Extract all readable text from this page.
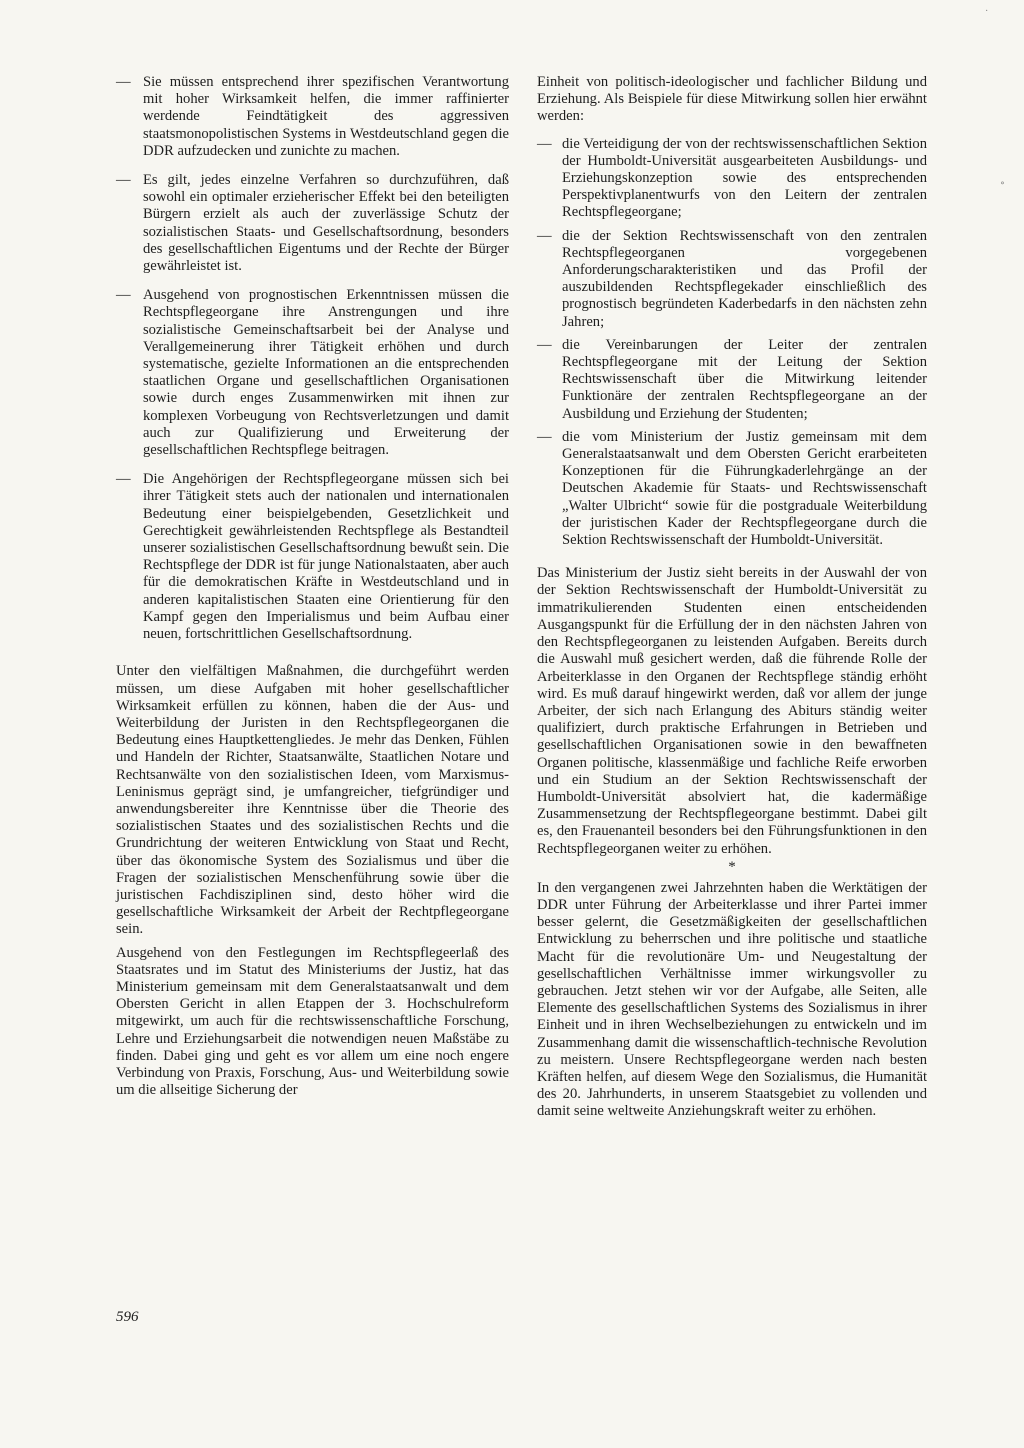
— Sie müssen entsprechend ihrer spezifischen Verantwortung mit hoher Wirksamkeit helfen, die immer raffinierter werdende Feindtätigkeit des aggressiven staatsmonopolistischen Systems in Westdeutschland gegen die DDR aufzudecken und zunichte zu machen.
— Es gilt, jedes einzelne Verfahren so durchzuführen, daß sowohl ein optimaler erzieherischer Effekt bei den beteiligten Bürgern erzielt als auch der zuverlässige Schutz der sozialistischen Staats- und Gesellschaftsordnung, besonders des gesellschaftlichen Eigentums und der Rechte der Bürger gewährleistet ist.
— Ausgehend von prognostischen Erkenntnissen müssen die Rechtspflegeorgane ihre Anstrengungen und ihre sozialistische Gemeinschaftsarbeit bei der Analyse und Verallgemeinerung ihrer Tätigkeit erhöhen und durch systematische, gezielte Informationen an die entsprechenden staatlichen Organe und gesellschaftlichen Organisationen sowie durch enges Zusammenwirken mit ihnen zur komplexen Vorbeugung von Rechtsverletzungen und damit auch zur Qualifizierung und Erweiterung der gesellschaftlichen Rechtspflege beitragen.
— Die Angehörigen der Rechtspflegeorgane müssen sich bei ihrer Tätigkeit stets auch der nationalen und internationalen Bedeutung einer beispielgebenden, Gesetzlichkeit und Gerechtigkeit gewährleistenden Rechtspflege als Bestandteil unserer sozialistischen Gesellschaftsordnung bewußt sein. Die Rechtspflege der DDR ist für junge Nationalstaaten, aber auch für die demokratischen Kräfte in Westdeutschland und in anderen kapitalistischen Staaten eine Orientierung für den Kampf gegen den Imperialismus und beim Aufbau einer neuen, fortschrittlichen Gesellschaftsordnung.

Unter den vielfältigen Maßnahmen, die durchgeführt werden müssen, um diese Aufgaben mit hoher gesellschaftlicher Wirksamkeit erfüllen zu können, haben die der Aus- und Weiterbildung der Juristen in den Rechtspflegeorganen die Bedeutung eines Hauptkettengliedes. Je mehr das Denken, Fühlen und Handeln der Richter, Staatsanwälte, Staatlichen Notare und Rechtsanwälte von den sozialistischen Ideen, vom Marxismus-Leninismus geprägt sind, je umfangreicher, tiefgründiger und anwendungsbereiter ihre Kenntnisse über die Theorie des sozialistischen Staates und des sozialistischen Rechts und die Grundrichtung der weiteren Entwicklung von Staat und Recht, über das ökonomische System des Sozialismus und über die Fragen der sozialistischen Menschenführung sowie über die juristischen Fachdisziplinen sind, desto höher wird die gesellschaftliche Wirksamkeit der Arbeit der Rechtpflegeorgane sein.

Ausgehend von den Festlegungen im Rechtspflegeerlaß des Staatsrates und im Statut des Ministeriums der Justiz, hat das Ministerium gemeinsam mit dem Generalstaatsanwalt und dem Obersten Gericht in allen Etappen der 3. Hochschulreform mitgewirkt, um auch für die rechtswissenschaftliche Forschung, Lehre und Erziehungsarbeit die notwendigen neuen Maßstäbe zu finden. Dabei ging und geht es vor allem um eine noch engere Verbindung von Praxis, Forschung, Aus- und Weiterbildung sowie um die allseitige Sicherung der

Einheit von politisch-ideologischer und fachlicher Bildung und Erziehung. Als Beispiele für diese Mitwirkung sollen hier erwähnt werden:

— die Verteidigung der von der rechtswissenschaftlichen Sektion der Humboldt-Universität ausgearbeiteten Ausbildungs- und Erziehungskonzeption sowie des entsprechenden Perspektivplanentwurfs von den Leitern der zentralen Rechtspflegeorgane;
— die der Sektion Rechtswissenschaft von den zentralen Rechtspflegeorganen vorgegebenen Anforderungscharakteristiken und das Profil der auszubildenden Rechtspflegekader einschließlich des prognostisch begründeten Kaderbedarfs in den nächsten zehn Jahren;
— die Vereinbarungen der Leiter der zentralen Rechtspflegeorgane mit der Leitung der Sektion Rechtswissenschaft über die Mitwirkung leitender Funktionäre der zentralen Rechtspflegeorgane an der Ausbildung und Erziehung der Studenten;
— die vom Ministerium der Justiz gemeinsam mit dem Generalstaatsanwalt und dem Obersten Gericht erarbeiteten Konzeptionen für die Führungkaderlehrgänge an der Deutschen Akademie für Staats- und Rechtswissenschaft „Walter Ulbricht“ sowie für die postgraduale Weiterbildung der juristischen Kader der Rechtspflegeorgane durch die Sektion Rechtswissenschaft der Humboldt-Universität.

Das Ministerium der Justiz sieht bereits in der Auswahl der von der Sektion Rechtswissenschaft der Humboldt-Universität zu immatrikulierenden Studenten einen entscheidenden Ausgangspunkt für die Erfüllung der in den nächsten Jahren von den Rechtspflegeorganen zu leistenden Aufgaben. Bereits durch die Auswahl muß gesichert werden, daß die führende Rolle der Arbeiterklasse in den Organen der Rechtspflege ständig erhöht wird. Es muß darauf hingewirkt werden, daß vor allem der junge Arbeiter, der sich nach Erlangung des Abiturs ständig weiter qualifiziert, durch praktische Erfahrungen in Betrieben und gesellschaftlichen Organisationen sowie in den bewaffneten Organen politische, klassenmäßige und fachliche Reife erworben und ein Studium an der Sektion Rechtswissenschaft der Humboldt-Universität absolviert hat, die kadermäßige Zusammensetzung der Rechtspflegeorgane bestimmt. Dabei gilt es, den Frauenanteil besonders bei den Führungsfunktionen in den Rechtspflegeorganen weiter zu erhöhen.

*

In den vergangenen zwei Jahrzehnten haben die Werktätigen der DDR unter Führung der Arbeiterklasse und ihrer Partei immer besser gelernt, die Gesetzmäßigkeiten der gesellschaftlichen Entwicklung zu beherrschen und ihre politische und staatliche Macht für die revolutionäre Um- und Neugestaltung der gesellschaftlichen Verhältnisse immer wirkungsvoller zu gebrauchen. Jetzt stehen wir vor der Aufgabe, alle Seiten, alle Elemente des gesellschaftlichen Systems des Sozialismus in ihrer Einheit und in ihren Wechselbeziehungen zu entwickeln und im Zusammenhang damit die wissenschaftlich-technische Revolution zu meistern. Unsere Rechtspflegeorgane werden nach besten Kräften helfen, auf diesem Wege den Sozialismus, die Humanität des 20. Jahrhunderts, in unserem Staatsgebiet zu vollenden und damit seine weltweite Anziehungskraft weiter zu erhöhen.

596
·
∘
